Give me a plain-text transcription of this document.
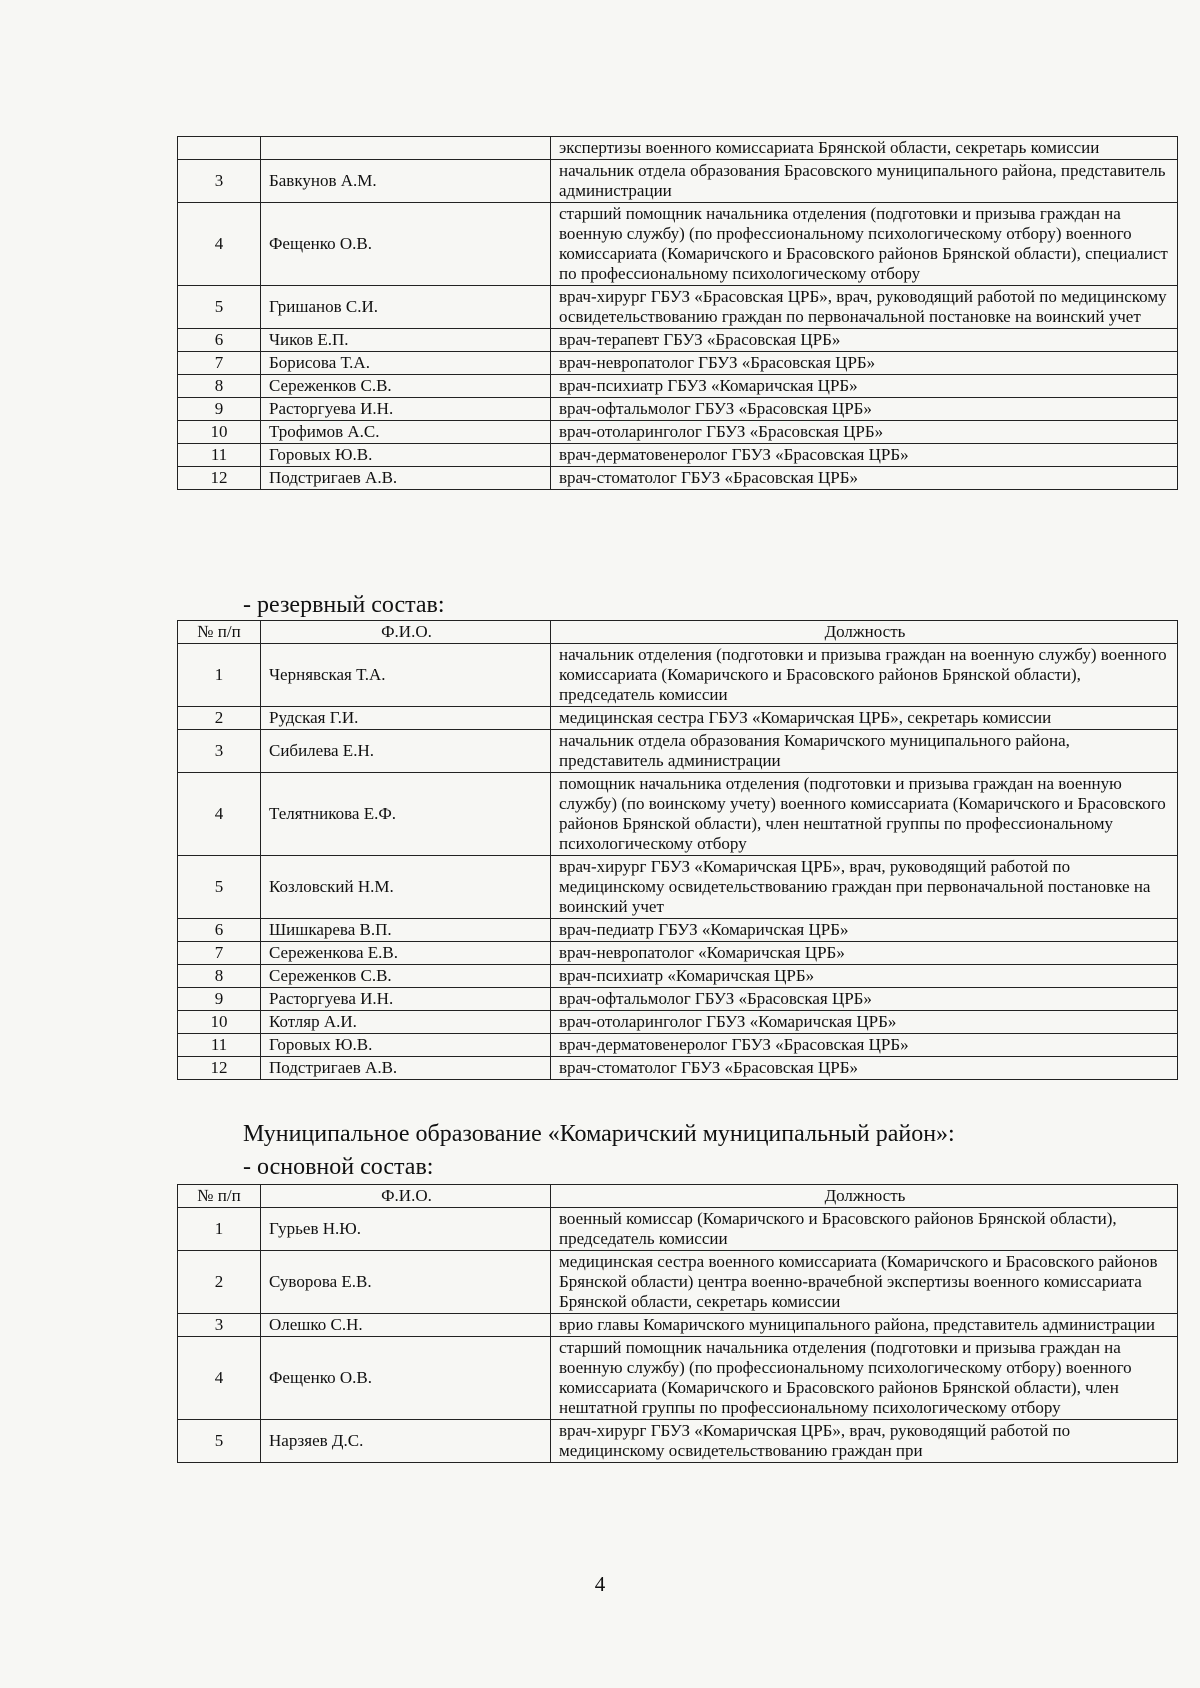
		экспертизы военного комиссариата Брянской области, секретарь комиссии
3	Бавкунов А.М.	начальник отдела образования Брасовского муниципального района, представитель администрации
4	Фещенко О.В.	старший помощник начальника отделения (подготовки и призыва граждан на военную службу) (по профессиональному психологическому отбору) военного комиссариата (Комаричского и Брасовского районов Брянской области), специалист по профессиональному психологическому отбору
5	Гришанов С.И.	врач-хирург ГБУЗ «Брасовская ЦРБ», врач, руководящий работой по медицинскому освидетельствованию граждан по первоначальной постановке на воинский учет
6	Чиков Е.П.	врач-терапевт ГБУЗ «Брасовская ЦРБ»
7	Борисова Т.А.	врач-невропатолог ГБУЗ «Брасовская ЦРБ»
8	Сереженков С.В.	врач-психиатр ГБУЗ «Комаричская ЦРБ»
9	Расторгуева И.Н.	врач-офтальмолог ГБУЗ «Брасовская ЦРБ»
10	Трофимов А.С.	врач-отоларинголог ГБУЗ «Брасовская ЦРБ»
11	Горовых Ю.В.	врач-дерматовенеролог ГБУЗ «Брасовская ЦРБ»
12	Подстригаев А.В.	врач-стоматолог ГБУЗ «Брасовская ЦРБ»
- резервный состав:
№ п/п	Ф.И.О.	Должность
1	Чернявская Т.А.	начальник отделения (подготовки и призыва граждан на военную службу) военного комиссариата (Комаричского и Брасовского районов Брянской области), председатель комиссии
2	Рудская Г.И.	медицинская сестра ГБУЗ «Комаричская ЦРБ», секретарь комиссии
3	Сибилева Е.Н.	начальник отдела образования Комаричского муниципального района, представитель администрации
4	Телятникова Е.Ф.	помощник начальника отделения (подготовки и призыва граждан на военную службу) (по воинскому учету) военного комиссариата (Комаричского и Брасовского районов Брянской области), член нештатной группы по профессиональному психологическому отбору
5	Козловский Н.М.	врач-хирург ГБУЗ «Комаричская ЦРБ», врач, руководящий работой по медицинскому освидетельствованию граждан при первоначальной постановке на воинский учет
6	Шишкарева В.П.	врач-педиатр ГБУЗ «Комаричская ЦРБ»
7	Сереженкова Е.В.	врач-невропатолог «Комаричская ЦРБ»
8	Сереженков С.В.	врач-психиатр «Комаричская ЦРБ»
9	Расторгуева И.Н.	врач-офтальмолог ГБУЗ «Брасовская ЦРБ»
10	Котляр А.И.	врач-отоларинголог ГБУЗ «Комаричская ЦРБ»
11	Горовых Ю.В.	врач-дерматовенеролог ГБУЗ «Брасовская ЦРБ»
12	Подстригаев А.В.	врач-стоматолог ГБУЗ «Брасовская ЦРБ»
Муниципальное образование «Комаричский муниципальный район»:
- основной состав:
№ п/п	Ф.И.О.	Должность
1	Гурьев Н.Ю.	военный комиссар (Комаричского и Брасовского районов Брянской области), председатель комиссии
2	Суворова Е.В.	медицинская сестра военного комиссариата (Комаричского и Брасовского районов Брянской области) центра военно-врачебной экспертизы военного комиссариата Брянской области, секретарь комиссии
3	Олешко С.Н.	врио главы Комаричского муниципального района, представитель администрации
4	Фещенко О.В.	старший помощник начальника отделения (подготовки и призыва граждан на военную службу) (по профессиональному психологическому отбору) военного комиссариата (Комаричского и Брасовского районов Брянской области), член нештатной группы по профессиональному психологическому отбору
5	Нарзяев Д.С.	врач-хирург ГБУЗ «Комаричская ЦРБ», врач, руководящий работой по медицинскому освидетельствованию граждан при
4
